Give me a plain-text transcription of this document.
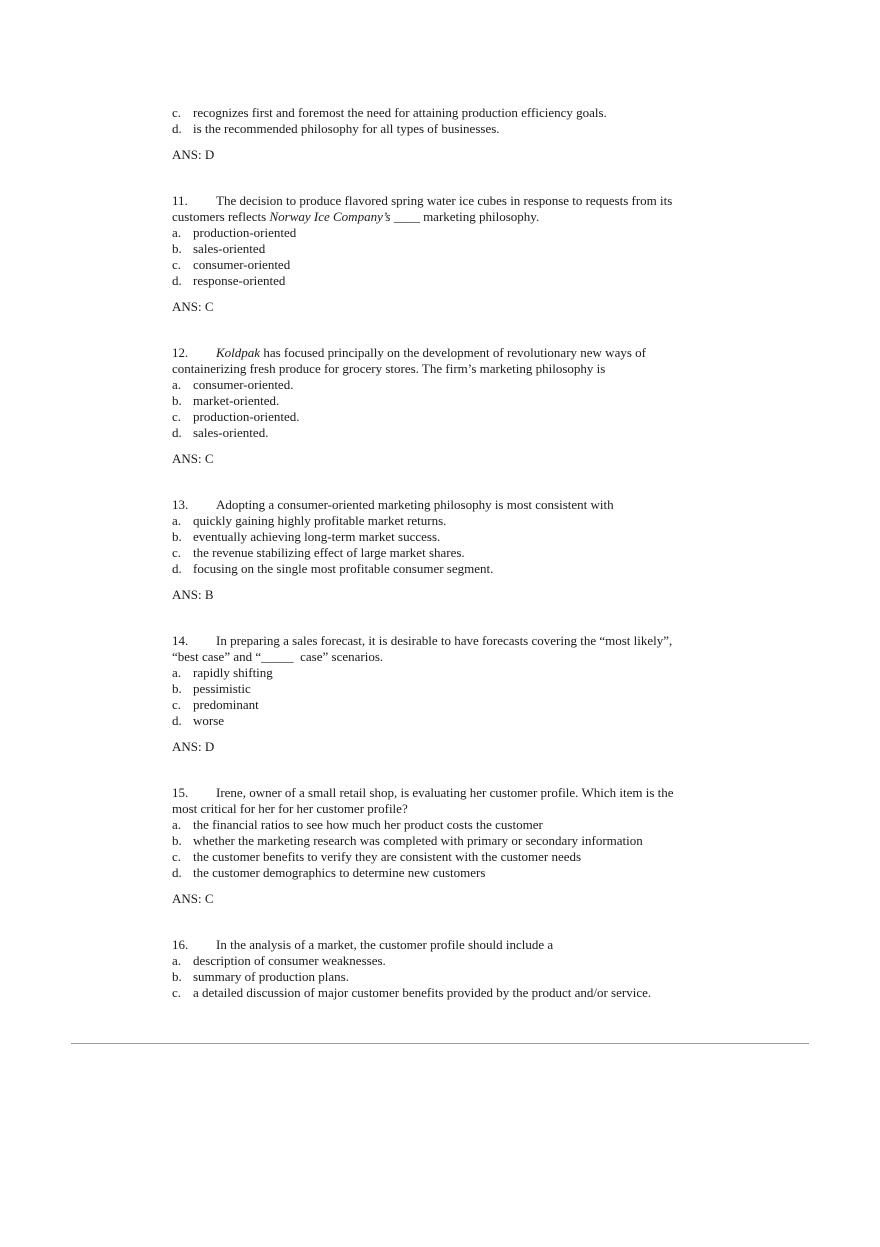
c. recognizes first and foremost the need for attaining production efficiency goals.
d. is the recommended philosophy for all types of businesses.
ANS: D
11. The decision to produce flavored spring water ice cubes in response to requests from its
customers reflects Norway Ice Company’s ____ marketing philosophy.
a. production-oriented
b. sales-oriented
c. consumer-oriented
d. response-oriented
ANS: C
12. Koldpak has focused principally on the development of revolutionary new ways of
containerizing fresh produce for grocery stores. The firm’s marketing philosophy is
a. consumer-oriented.
b. market-oriented.
c. production-oriented.
d. sales-oriented.
ANS: C
13. Adopting a consumer-oriented marketing philosophy is most consistent with
a. quickly gaining highly profitable market returns.
b. eventually achieving long-term market success.
c. the revenue stabilizing effect of large market shares.
d. focusing on the single most profitable consumer segment.
ANS: B
14. In preparing a sales forecast, it is desirable to have forecasts covering the “most likely”,
“best case” and “_____  case” scenarios.
a. rapidly shifting
b. pessimistic
c. predominant
d. worse
ANS: D
15. Irene, owner of a small retail shop, is evaluating her customer profile. Which item is the
most critical for her for her customer profile?
a. the financial ratios to see how much her product costs the customer
b. whether the marketing research was completed with primary or secondary information
c. the customer benefits to verify they are consistent with the customer needs
d. the customer demographics to determine new customers
ANS: C
16. In the analysis of a market, the customer profile should include a
a. description of consumer weaknesses.
b. summary of production plans.
c. a detailed discussion of major customer benefits provided by the product and/or service.
